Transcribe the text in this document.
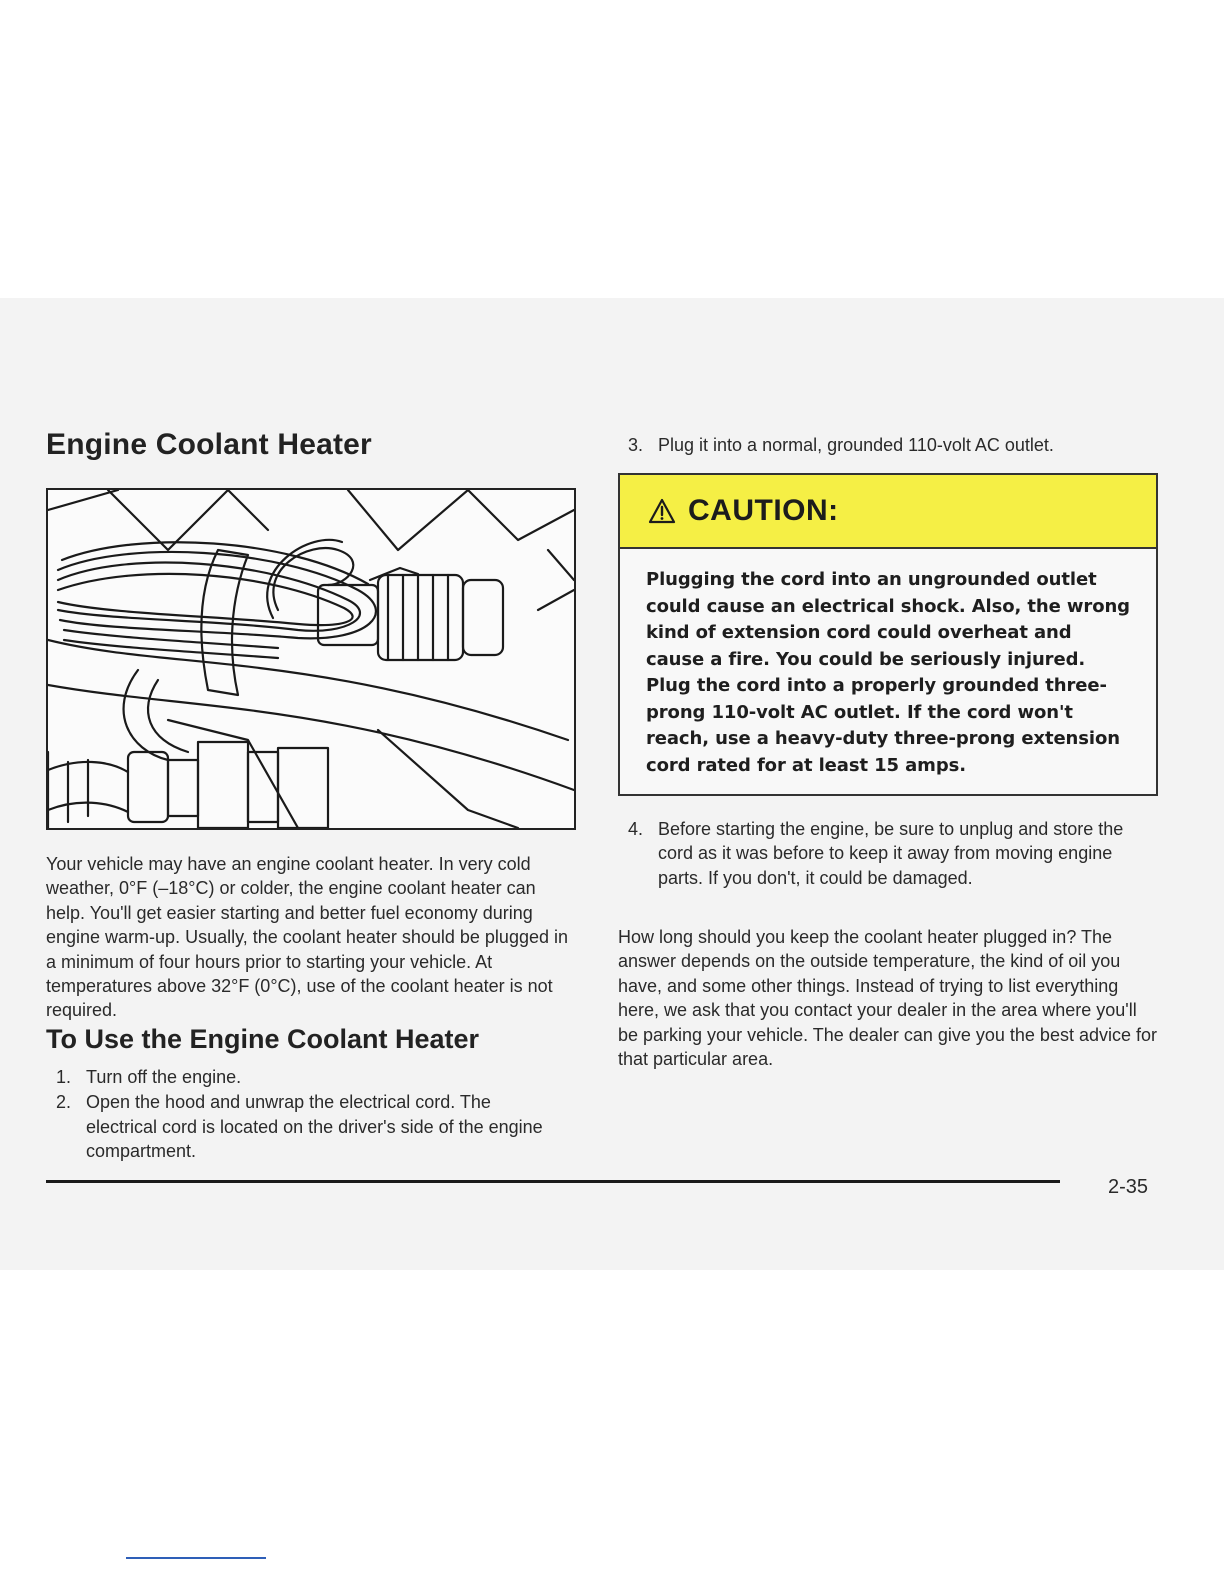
Engine Coolant Heater

Your vehicle may have an engine coolant heater. In very cold weather, 0°F (–18°C) or colder, the engine coolant heater can help. You'll get easier starting and better fuel economy during engine warm-up. Usually, the coolant heater should be plugged in a minimum of four hours prior to starting your vehicle. At temperatures above 32°F (0°C), use of the coolant heater is not required.

To Use the Engine Coolant Heater
1. Turn off the engine.
2. Open the hood and unwrap the electrical cord. The electrical cord is located on the driver's side of the engine compartment.
3. Plug it into a normal, grounded 110-volt AC outlet.
CAUTION:
Plugging the cord into an ungrounded outlet could cause an electrical shock. Also, the wrong kind of extension cord could overheat and cause a fire. You could be seriously injured. Plug the cord into a properly grounded three-prong 110-volt AC outlet. If the cord won't reach, use a heavy-duty three-prong extension cord rated for at least 15 amps.
4. Before starting the engine, be sure to unplug and store the cord as it was before to keep it away from moving engine parts. If you don't, it could be damaged.

How long should you keep the coolant heater plugged in? The answer depends on the outside temperature, the kind of oil you have, and some other things. Instead of trying to list everything here, we ask that you contact your dealer in the area where you'll be parking your vehicle. The dealer can give you the best advice for that particular area.

2-35
